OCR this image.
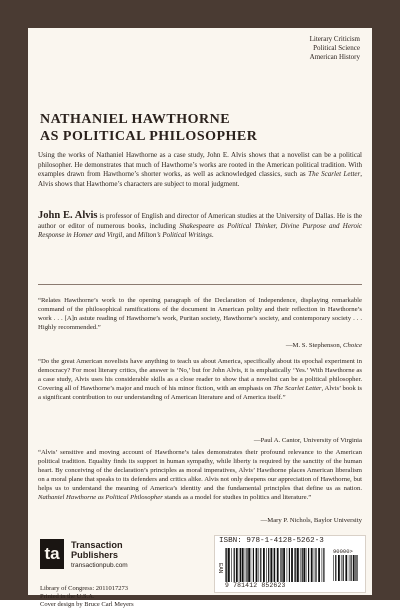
Literary Criticism
Political Science
American History
NATHANIEL HAWTHORNE
AS POLITICAL PHILOSOPHER

Using the works of Nathaniel Hawthorne as a case study, John E. Alvis shows that a novelist can be a political philosopher. He demonstrates that much of Hawthorne’s works are rooted in the American political tradition. With examples drawn from Hawthorne’s shorter works, as well as acknowledged classics, such as The Scarlet Letter, Alvis shows that Hawthorne’s characters are subject to moral judgment.

John E. Alvis is professor of English and director of American studies at the University of Dallas. He is the author or editor of numerous books, including Shakespeare as Political Thinker, Divine Purpose and Heroic Response in Homer and Virgil, and Milton’s Political Writings.

“Relates Hawthorne’s work to the opening paragraph of the Declaration of Independence, displaying remarkable command of the philosophical ramifications of the document in American polity and their reflection in Hawthorne’s work . . . [A]n astute reading of Hawthorne’s work, Puritan society, Hawthorne’s society, and contemporary society . . . Highly recommended.”

—M. S. Stephenson, Choice

“Do the great American novelists have anything to teach us about America, specifically about its epochal experiment in democracy? For most literary critics, the answer is ‘No,’ but for John Alvis, it is emphatically ‘Yes.’ With Hawthorne as a case study, Alvis uses his considerable skills as a close reader to show that a novelist can be a political philosopher. Covering all of Hawthorne’s major and much of his minor fiction, with an emphasis on The Scarlet Letter, Alvis’ book is a significant contribution to our understanding of American literature and of America itself.”

—Paul A. Cantor, University of Virginia

“Alvis’ sensitive and moving account of Hawthorne’s tales demonstrates their profound relevance to the American political tradition. Equality finds its support in human sympathy, while liberty is required by the sanctity of the human heart. By conceiving of the declaration’s principles as moral imperatives, Alvis’ Hawthorne places American liberalism on a moral plane that speaks to its defenders and critics alike. Alvis not only deepens our appreciation of Hawthorne, but helps us to understand the meaning of America’s identity and the fundamental principles that define us as nation. Nathaniel Hawthorne as Political Philosopher stands as a model for studies in politics and literature.”

—Mary P. Nichols, Baylor University
ta	Transaction
Publishers
transactionpub.com
Library of Congress: 2011017273
Printed in the U.S.A.
Cover design by Bruce Carl Meyers
ISBN: 978-1-4128-5262-3
EAN
9 781412 852623
90000>
